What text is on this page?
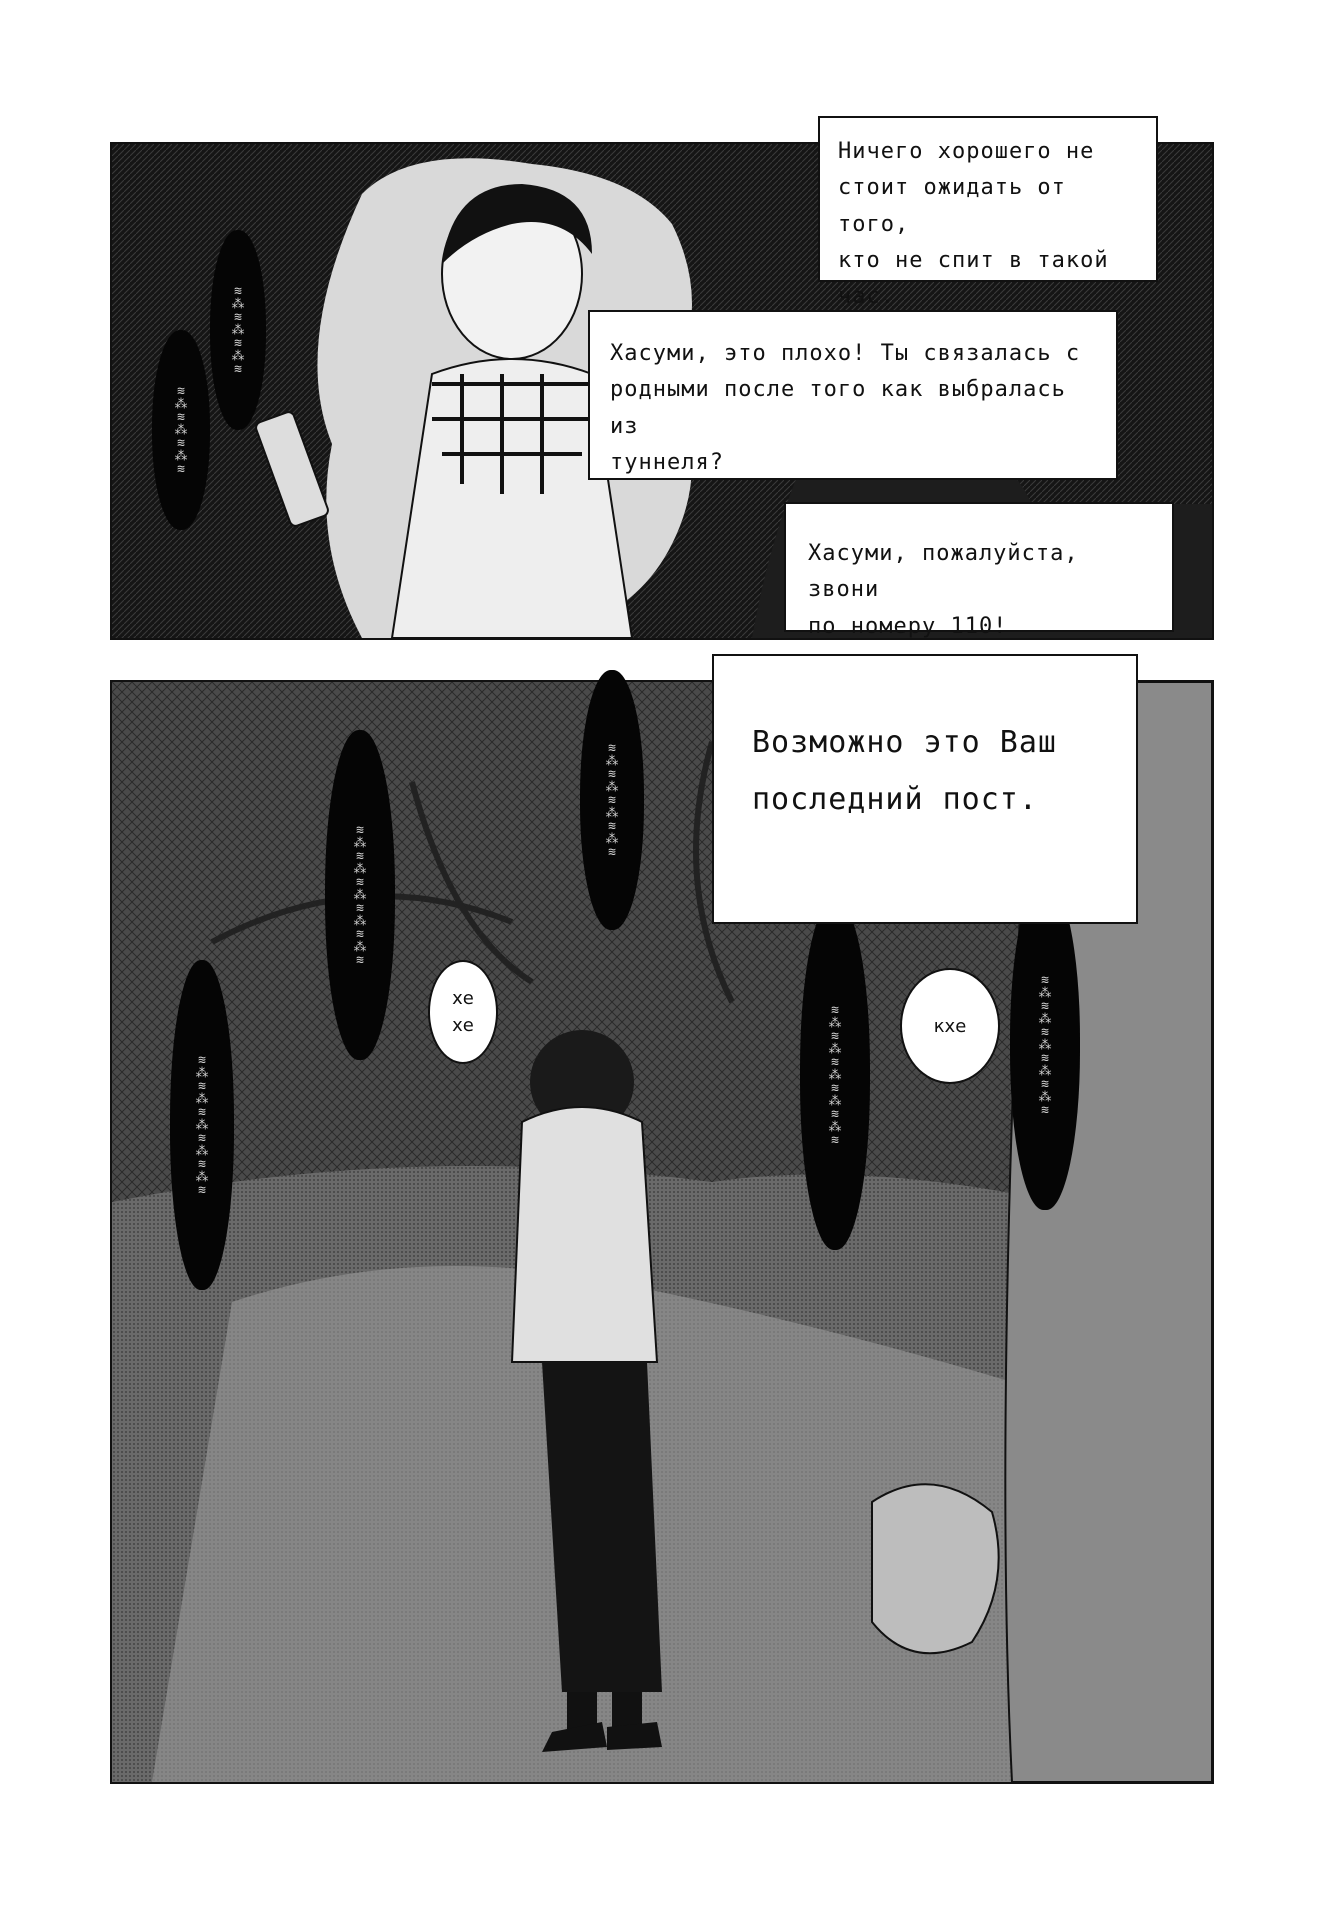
≋
⁂
≋
⁂
≋
⁂
≋
≋
⁂
≋
⁂
≋
⁂
≋
≋
⁂
≋
⁂
≋
⁂
≋
⁂
≋
⁂
≋
≋
⁂
≋
⁂
≋
⁂
≋
⁂
≋
⁂
≋
≋
⁂
≋
⁂
≋
⁂
≋
⁂
≋
≋
⁂
≋
⁂
≋
⁂
≋
⁂
≋
⁂
≋
≋
⁂
≋
⁂
≋
⁂
≋
⁂
≋
⁂
≋
хе
хе	кхе

Ничего хорошего не
стоит ожидать от того,
кто не спит в такой час.

Хасуми, это плохо! Ты связалась с
родными после того как выбралась из
туннеля?

Хасуми, пожалуйста, звони
по номеру 110!

Возможно это Ваш
последний пост.
